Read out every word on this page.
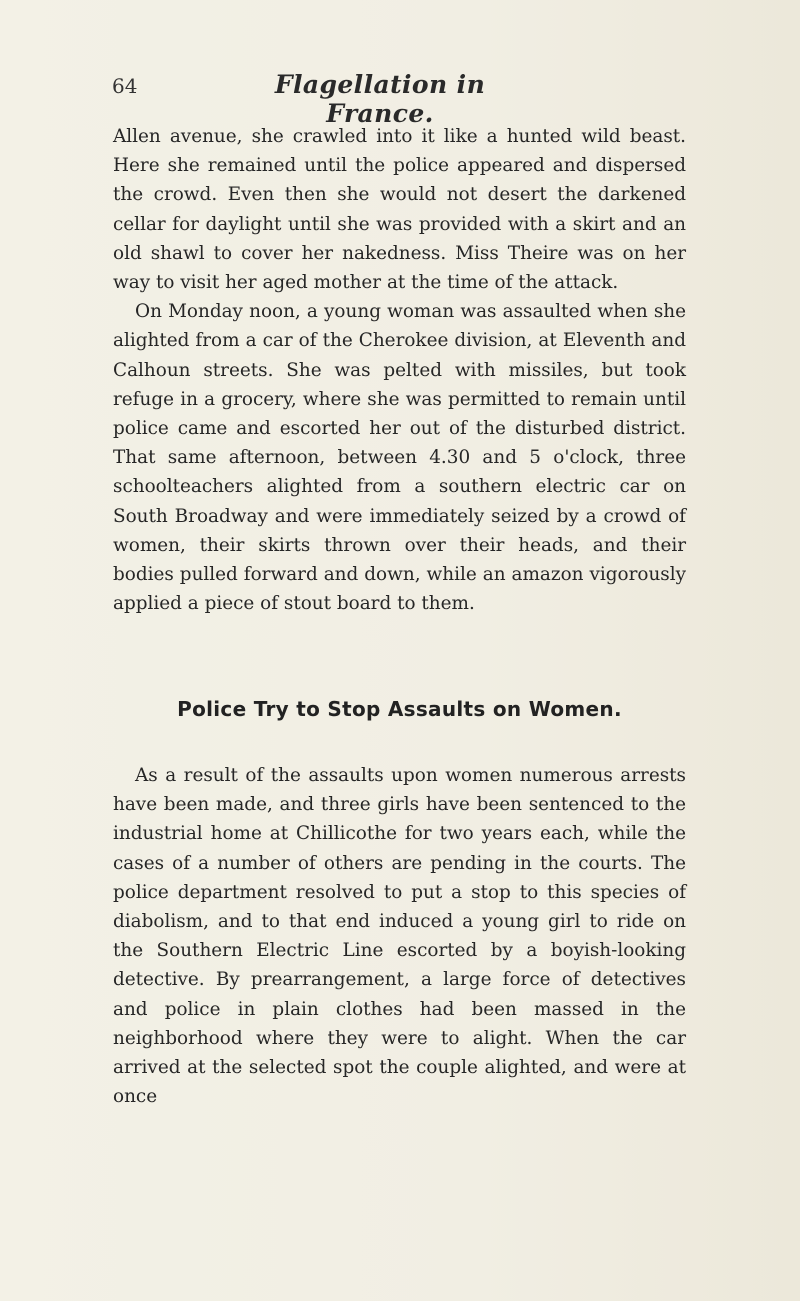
64	Flagellation in France.

Allen avenue, she crawled into it like a hunted wild beast. Here she remained until the police appeared and dispersed the crowd. Even then she would not desert the darkened cellar for daylight until she was provided with a skirt and an old shawl to cover her nakedness. Miss Theire was on her way to visit her aged mother at the time of the attack.

On Monday noon, a young woman was assaulted when she alighted from a car of the Cherokee division, at Eleventh and Calhoun streets. She was pelted with missiles, but took refuge in a grocery, where she was permitted to remain until police came and escorted her out of the disturbed district. That same afternoon, between 4.30 and 5 o'clock, three schoolteachers alighted from a southern electric car on South Broadway and were immediately seized by a crowd of women, their skirts thrown over their heads, and their bodies pulled forward and down, while an amazon vigorously applied a piece of stout board to them.

Police Try to Stop Assaults on Women.

As a result of the assaults upon women numerous arrests have been made, and three girls have been sentenced to the industrial home at Chillicothe for two years each, while the cases of a number of others are pending in the courts. The police department resolved to put a stop to this species of diabolism, and to that end induced a young girl to ride on the Southern Electric Line escorted by a boyish-looking detective. By prearrangement, a large force of detectives and police in plain clothes had been massed in the neighborhood where they were to alight. When the car arrived at the selected spot the couple alighted, and were at once
